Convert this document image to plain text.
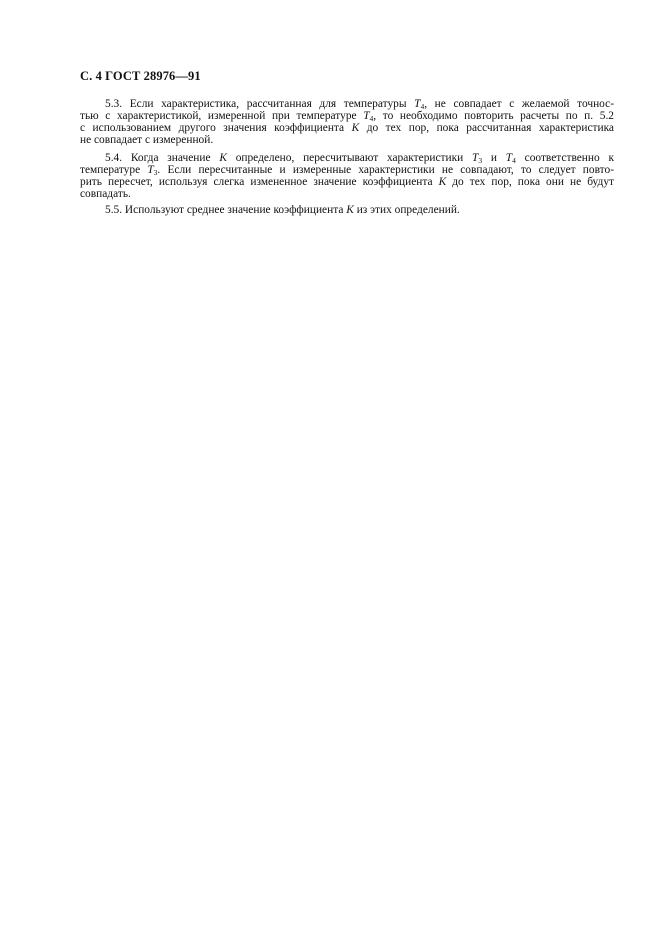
С. 4 ГОСТ 28976—91
5.3. Если характеристика, рассчитанная для температуры $T_4$, не совпадает с желаемой точнос-
тью с характеристикой, измеренной при температуре $T_4$, то необходимо повторить расчеты по п. 5.2
с использованием другого значения коэффициента K до тех пор, пока рассчитанная характеристика
не совпадает с измеренной.
5.4. Когда значение K определено, пересчитывают характеристики $T_3$ и $T_4$ соответственно к
температуре $T_3$. Если пересчитанные и измеренные характеристики не совпадают, то следует повто-
рить пересчет, используя слегка измененное значение коэффициента K до тех пор, пока они не будут
совпадать.
5.5. Используют среднее значение коэффициента K из этих определений.
